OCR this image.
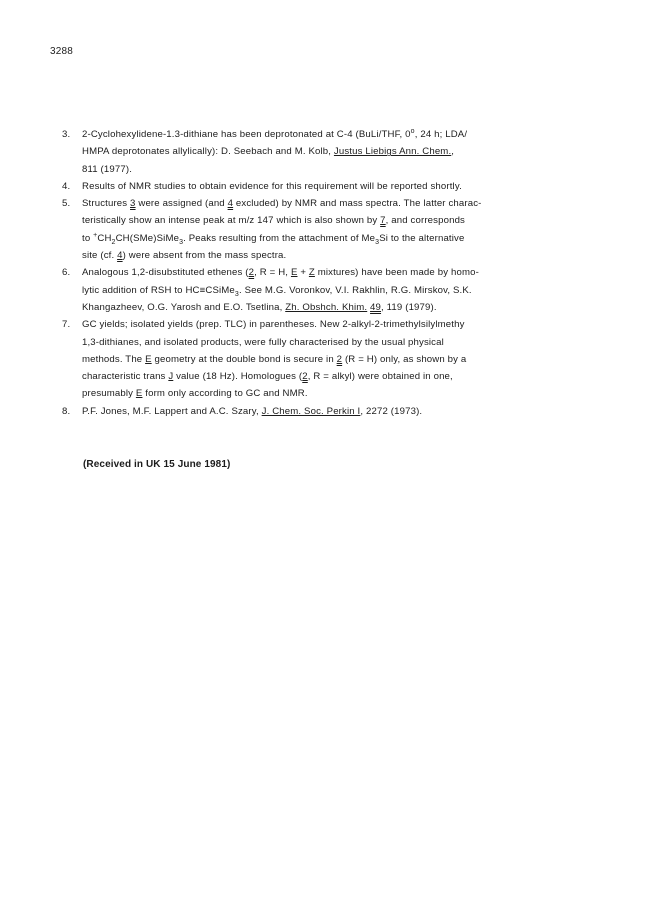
3288
3. 2-Cyclohexylidene-1.3-dithiane has been deprotonated at C-4 (BuLi/THF, 0$^o$, 24 h; LDA/
HMPA deprotonates allylically): D. Seebach and M. Kolb, Justus Liebigs Ann. Chem.,
811 (1977).
4. Results of NMR studies to obtain evidence for this requirement will be reported shortly.
5. Structures 3 were assigned (and 4 excluded) by NMR and mass spectra. The latter charac-
teristically show an intense peak at m/z 147 which is also shown by 7, and corresponds
to $^+CH_2CH(SMe)SiMe_3$. Peaks resulting from the attachment of $Me_3Si$ to the alternative
site (cf. 4) were absent from the mass spectra.
6. Analogous 1,2-disubstituted ethenes (2, R = H, E + Z mixtures) have been made by homo-
lytic addition of RSH to HC≡CSiMe$_3$. See M.G. Voronkov, V.I. Rakhlin, R.G. Mirskov, S.K.
Khangazheev, O.G. Yarosh and E.O. Tsetlina, Zh. Obshch. Khim. 49, 119 (1979).
7. GC yields; isolated yields (prep. TLC) in parentheses. New 2-alkyl-2-trimethylsilylmethy
1,3-dithianes, and isolated products, were fully characterised by the usual physical
methods. The E geometry at the double bond is secure in 2 (R = H) only, as shown by a
characteristic trans J value (18 Hz). Homologues (2, R = alkyl) were obtained in one,
presumably E form only according to GC and NMR.
8. P.F. Jones, M.F. Lappert and A.C. Szary, J. Chem. Soc. Perkin I, 2272 (1973).
(Received in UK 15 June 1981)
